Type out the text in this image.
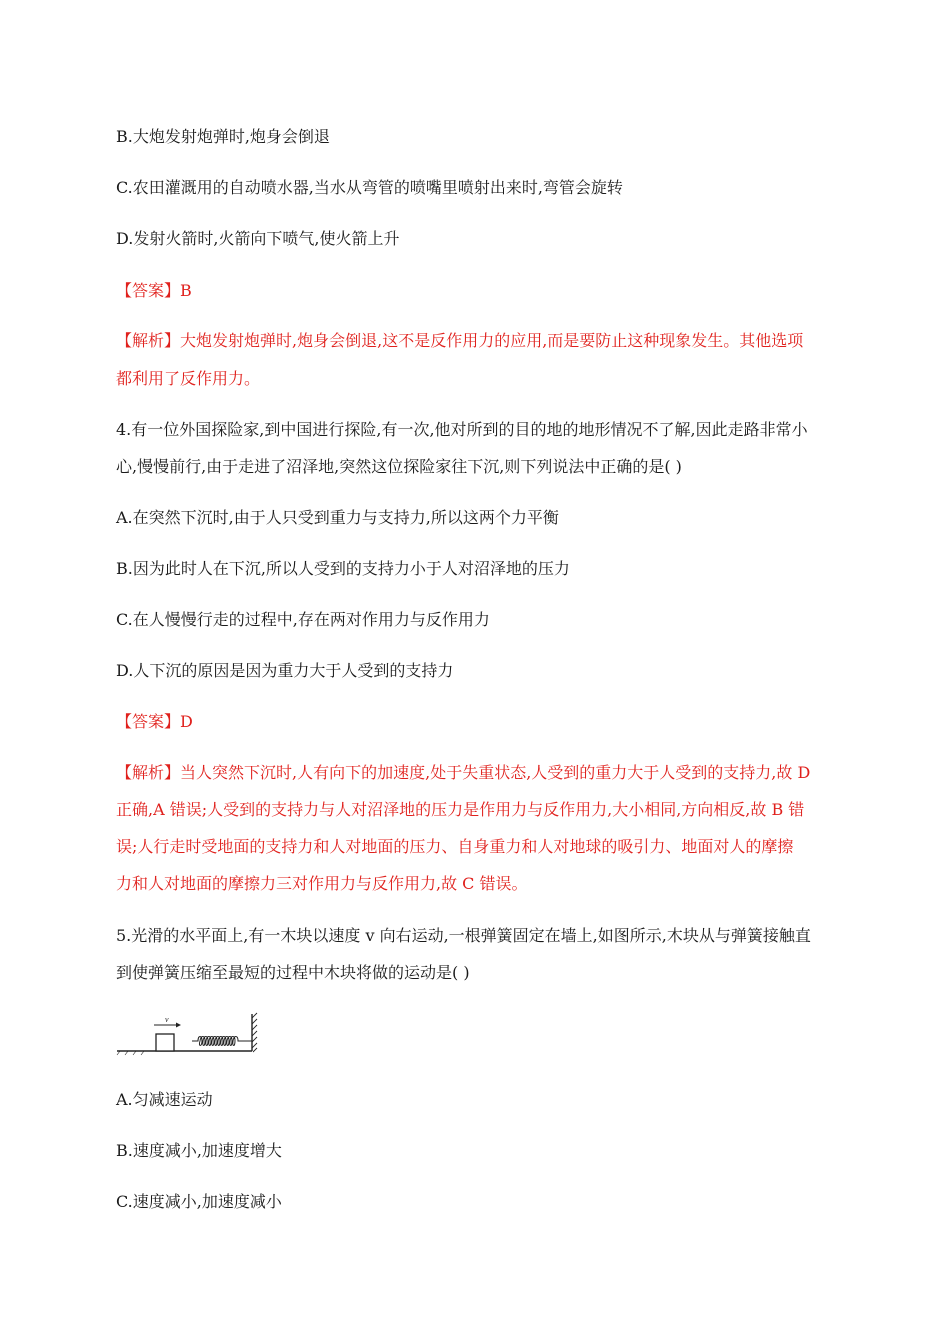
B.大炮发射炮弹时,炮身会倒退
C.农田灌溉用的自动喷水器,当水从弯管的喷嘴里喷射出来时,弯管会旋转
D.发射火箭时,火箭向下喷气,使火箭上升
【答案】B
【解析】大炮发射炮弹时,炮身会倒退,这不是反作用力的应用,而是要防止这种现象发生。其他选项
都利用了反作用力。
4.有一位外国探险家,到中国进行探险,有一次,他对所到的目的地的地形情况不了解,因此走路非常小
心,慢慢前行,由于走进了沼泽地,突然这位探险家往下沉,则下列说法中正确的是( )
A.在突然下沉时,由于人只受到重力与支持力,所以这两个力平衡
B.因为此时人在下沉,所以人受到的支持力小于人对沼泽地的压力
C.在人慢慢行走的过程中,存在两对作用力与反作用力
D.人下沉的原因是因为重力大于人受到的支持力
【答案】D
【解析】当人突然下沉时,人有向下的加速度,处于失重状态,人受到的重力大于人受到的支持力,故 D
正确,A 错误;人受到的支持力与人对沼泽地的压力是作用力与反作用力,大小相同,方向相反,故 B 错
误;人行走时受地面的支持力和人对地面的压力、自身重力和人对地球的吸引力、地面对人的摩擦
力和人对地面的摩擦力三对作用力与反作用力,故 C 错误。
5.光滑的水平面上,有一木块以速度 v 向右运动,一根弹簧固定在墙上,如图所示,木块从与弹簧接触直
到使弹簧压缩至最短的过程中木块将做的运动是( )
v
A.匀减速运动
B.速度减小,加速度增大
C.速度减小,加速度减小
